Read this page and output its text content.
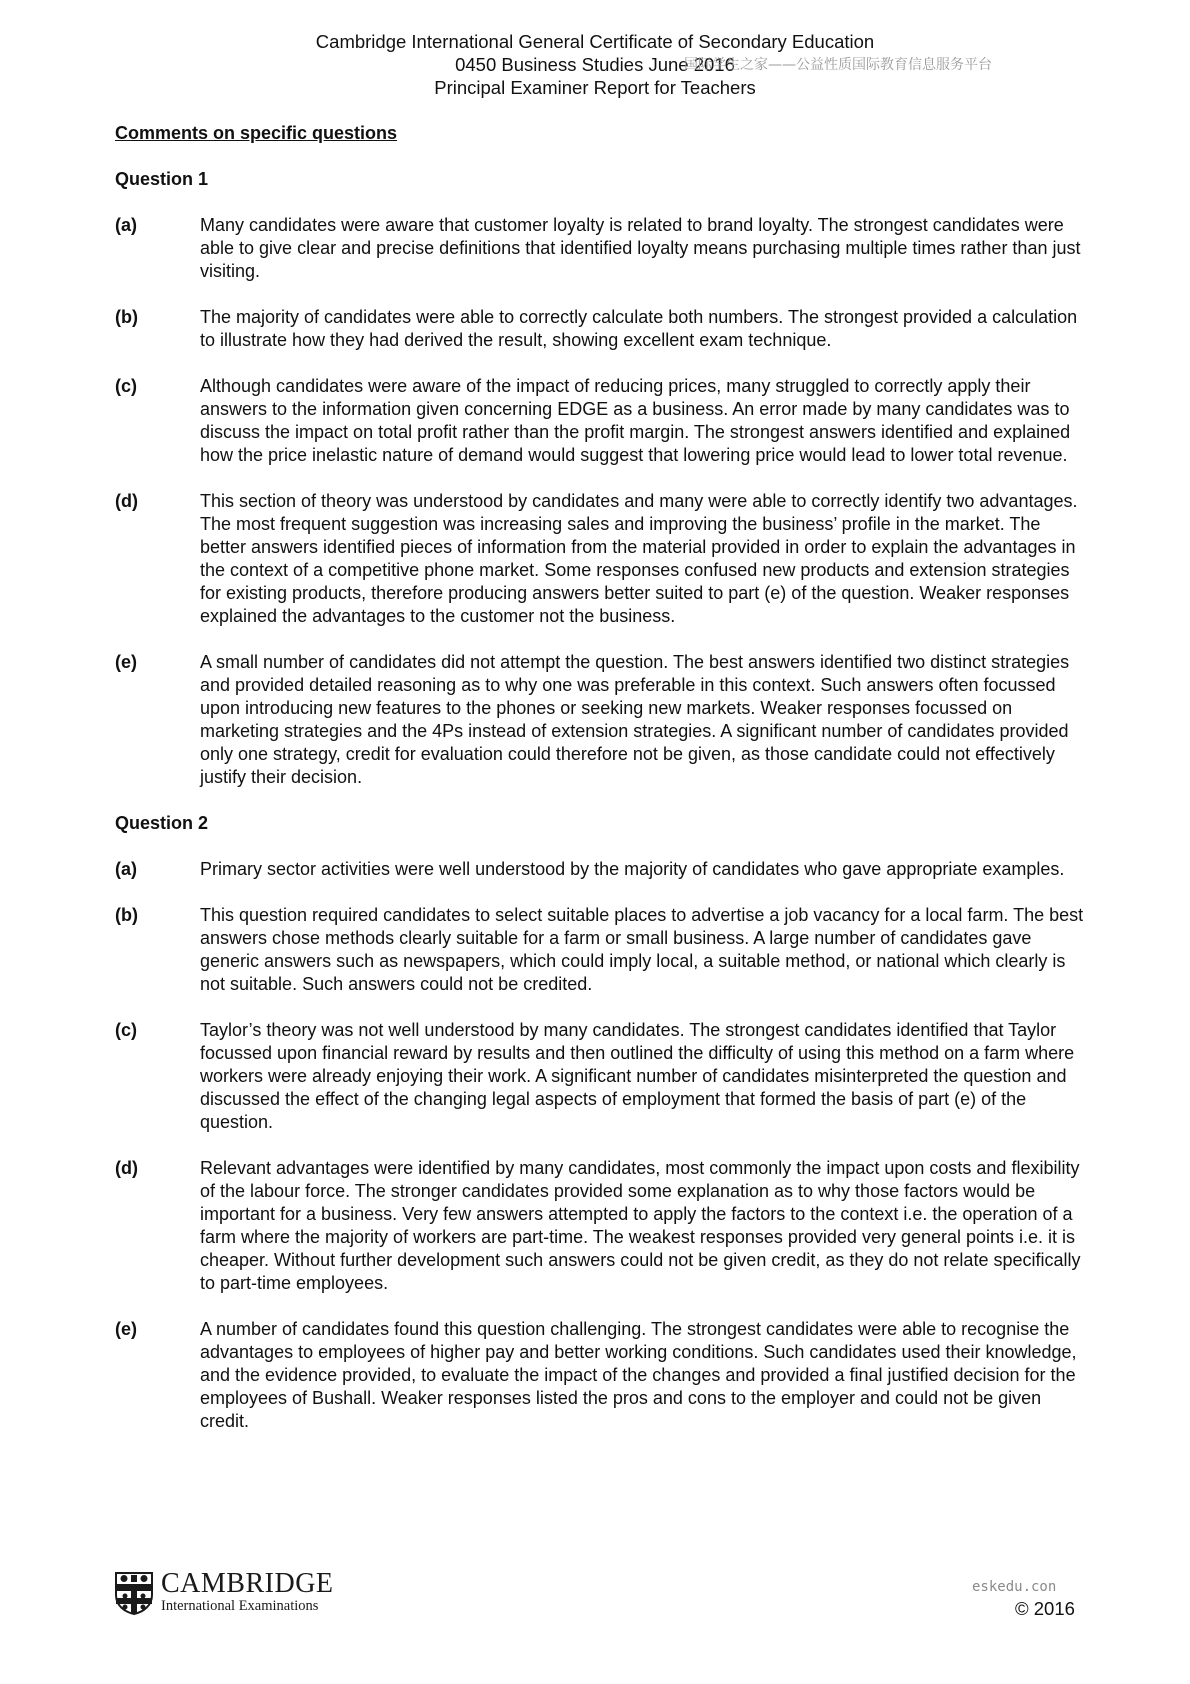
Cambridge International General Certificate of Secondary Education
0450 Business Studies June 2016
Principal Examiner Report for Teachers
国际学生之家——公益性质国际教育信息服务平台
Comments on specific questions
Question 1
(a)	Many candidates were aware that customer loyalty is related to brand loyalty. The strongest candidates were able to give clear and precise definitions that identified loyalty means purchasing multiple times rather than just visiting.
(b)	The majority of candidates were able to correctly calculate both numbers. The strongest provided a calculation to illustrate how they had derived the result, showing excellent exam technique.
(c)	Although candidates were aware of the impact of reducing prices, many struggled to correctly apply their answers to the information given concerning EDGE as a business. An error made by many candidates was to discuss the impact on total profit rather than the profit margin. The strongest answers identified and explained how the price inelastic nature of demand would suggest that lowering price would lead to lower total revenue.
(d)	This section of theory was understood by candidates and many were able to correctly identify two advantages. The most frequent suggestion was increasing sales and improving the business’ profile in the market. The better answers identified pieces of information from the material provided in order to explain the advantages in the context of a competitive phone market. Some responses confused new products and extension strategies for existing products, therefore producing answers better suited to part (e) of the question. Weaker responses explained the advantages to the customer not the business.
(e)	A small number of candidates did not attempt the question. The best answers identified two distinct strategies and provided detailed reasoning as to why one was preferable in this context. Such answers often focussed upon introducing new features to the phones or seeking new markets. Weaker responses focussed on marketing strategies and the 4Ps instead of extension strategies. A significant number of candidates provided only one strategy, credit for evaluation could therefore not be given, as those candidate could not effectively justify their decision.
Question 2
(a)	Primary sector activities were well understood by the majority of candidates who gave appropriate examples.
(b)	This question required candidates to select suitable places to advertise a job vacancy for a local farm. The best answers chose methods clearly suitable for a farm or small business. A large number of candidates gave generic answers such as newspapers, which could imply local, a suitable method, or national which clearly is not suitable. Such answers could not be credited.
(c)	Taylor’s theory was not well understood by many candidates. The strongest candidates identified that Taylor focussed upon financial reward by results and then outlined the difficulty of using this method on a farm where workers were already enjoying their work. A significant number of candidates misinterpreted the question and discussed the effect of the changing legal aspects of employment that formed the basis of part (e) of the question.
(d)	Relevant advantages were identified by many candidates, most commonly the impact upon costs and flexibility of the labour force. The stronger candidates provided some explanation as to why those factors would be important for a business. Very few answers attempted to apply the factors to the context i.e. the operation of a farm where the majority of workers are part-time. The weakest responses provided very general points i.e. it is cheaper. Without further development such answers could not be given credit, as they do not relate specifically to part-time employees.
(e)	A number of candidates found this question challenging. The strongest candidates were able to recognise the advantages to employees of higher pay and better working conditions. Such candidates used their knowledge, and the evidence provided, to evaluate the impact of the changes and provided a final justified decision for the employees of Bushall. Weaker responses listed the pros and cons to the employer and could not be given credit.
CAMBRIDGE
International Examinations
eskedu.con
© 2016
